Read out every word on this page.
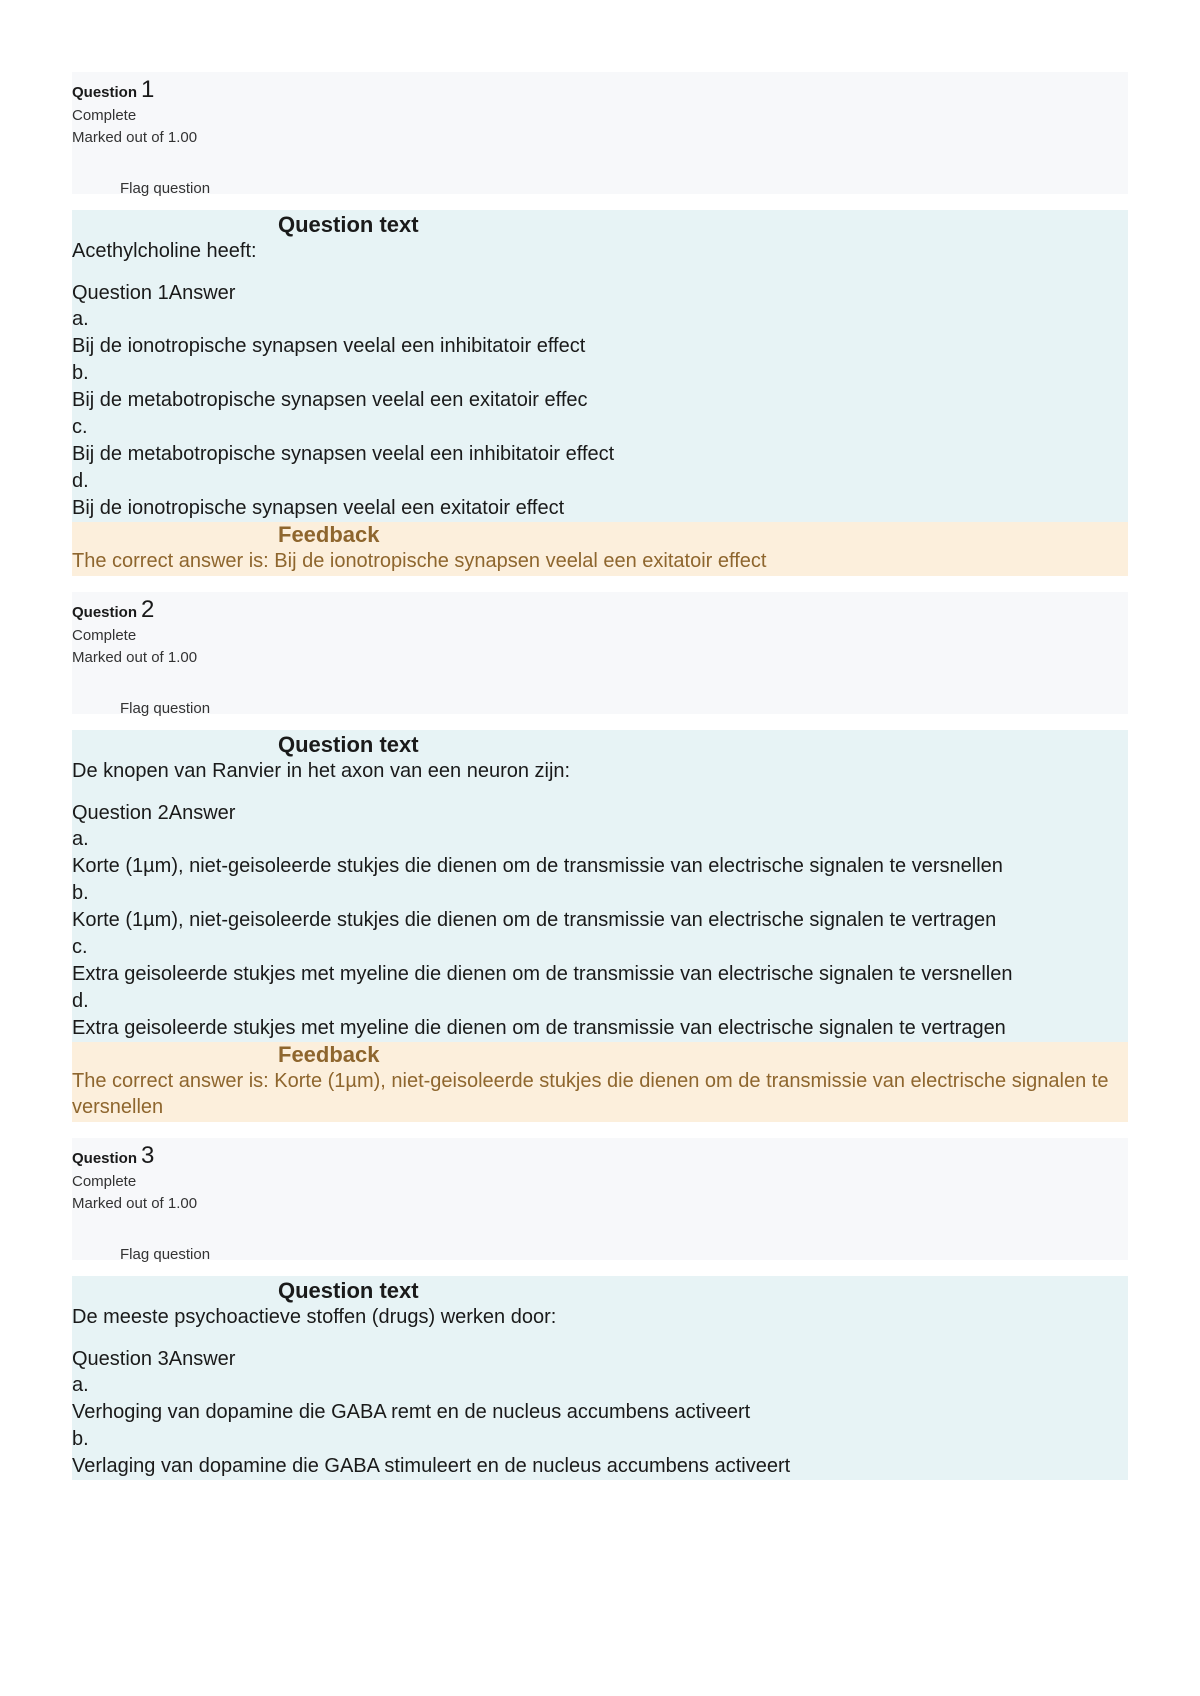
Question 1
Complete
Marked out of 1.00
Flag question
Question text
Acethylcholine heeft:
Question 1Answer
a.
Bij de ionotropische synapsen veelal een inhibitatoir effect
b.
Bij de metabotropische synapsen veelal een exitatoir effec
c.
Bij de metabotropische synapsen veelal een inhibitatoir effect
d.
Bij de ionotropische synapsen veelal een exitatoir effect
Feedback
The correct answer is: Bij de ionotropische synapsen veelal een exitatoir effect
Question 2
Complete
Marked out of 1.00
Flag question
Question text
De knopen van Ranvier in het axon van een neuron zijn:
Question 2Answer
a.
Korte (1µm), niet-geisoleerde stukjes die dienen om de transmissie van electrische signalen te versnellen
b.
Korte (1µm), niet-geisoleerde stukjes die dienen om de transmissie van electrische signalen te vertragen
c.
Extra geisoleerde stukjes met myeline die dienen om de transmissie van electrische signalen te versnellen
d.
Extra geisoleerde stukjes met myeline die dienen om de transmissie van electrische signalen te vertragen
Feedback
The correct answer is: Korte (1µm), niet-geisoleerde stukjes die dienen om de transmissie van electrische signalen te versnellen
Question 3
Complete
Marked out of 1.00
Flag question
Question text
De meeste psychoactieve stoffen (drugs) werken door:
Question 3Answer
a.
Verhoging van dopamine die GABA remt en de nucleus accumbens activeert
b.
Verlaging van dopamine die GABA stimuleert en de nucleus accumbens activeert
